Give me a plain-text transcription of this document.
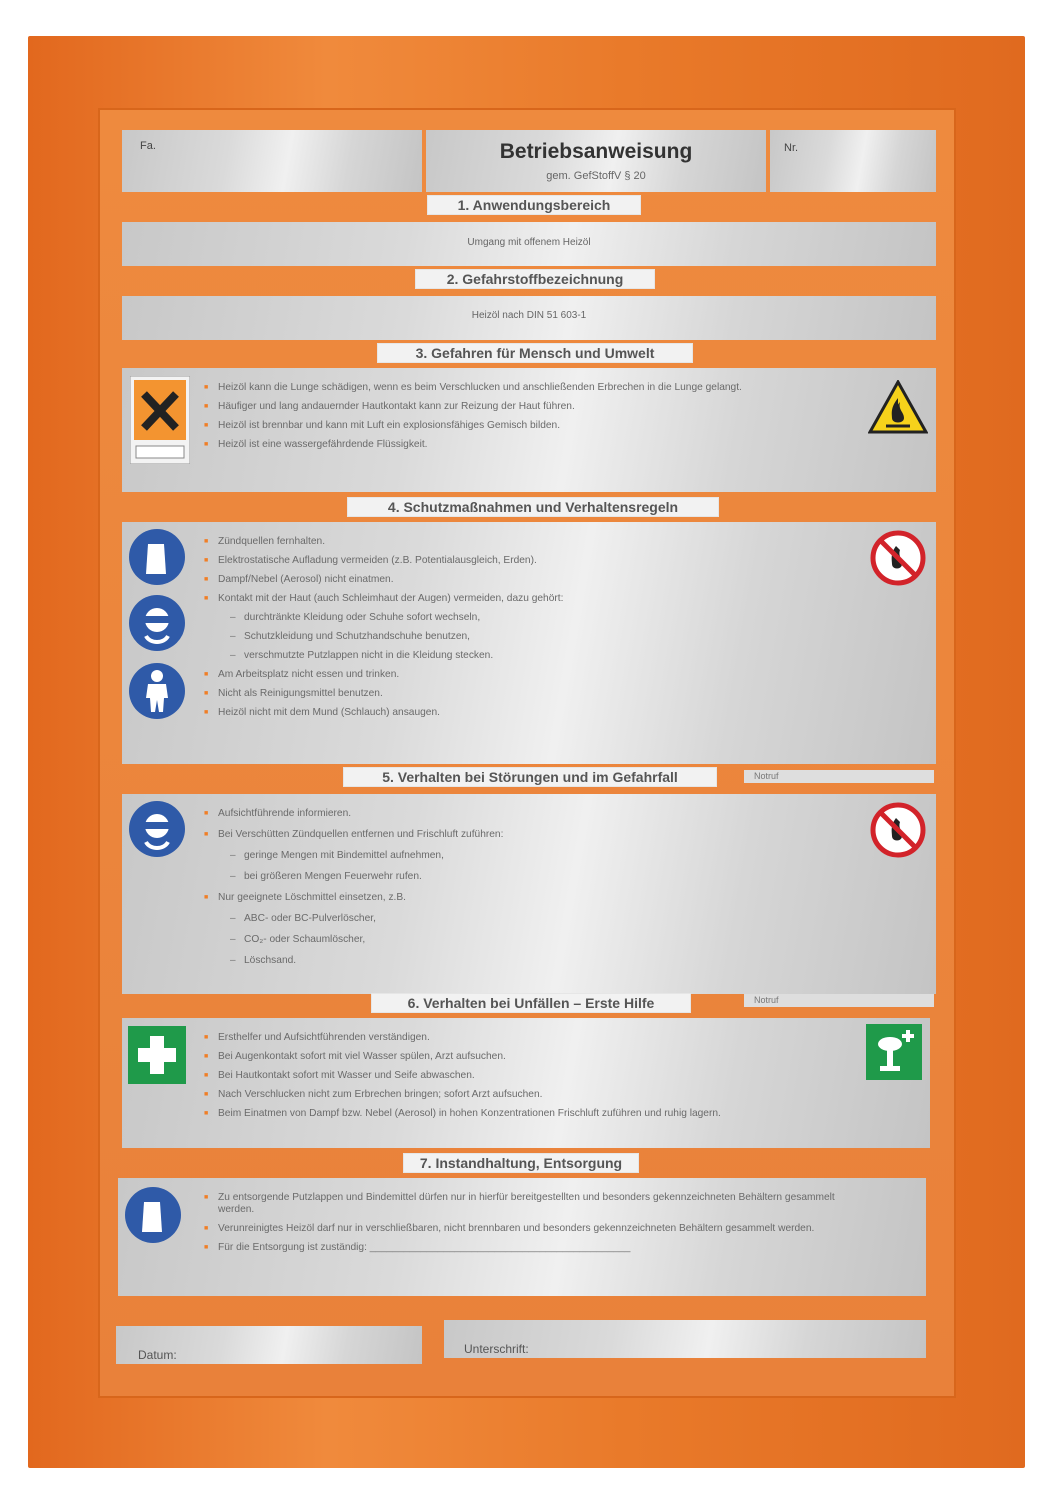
Fa.	Betriebsanweisung
gem. GefStoffV § 20
Nr.
1. Anwendungsbereich
Umgang mit offenem Heizöl
2. Gefahrstoffbezeichnung
Heizöl nach DIN 51 603-1
3. Gefahren für Mensch und Umwelt
■ Heizöl kann die Lunge schädigen, wenn es beim Verschlucken und anschließenden Erbrechen in die Lunge gelangt.
■ Häufiger und lang andauernder Hautkontakt kann zur Reizung der Haut führen.
■ Heizöl ist brennbar und kann mit Luft ein explosionsfähiges Gemisch bilden.
■ Heizöl ist eine wassergefährdende Flüssigkeit.
4. Schutzmaßnahmen und Verhaltensregeln
■ Zündquellen fernhalten.
■ Elektrostatische Aufladung vermeiden (z.B. Potentialausgleich, Erden).
■ Dampf/Nebel (Aerosol) nicht einatmen.
■ Kontakt mit der Haut (auch Schleimhaut der Augen) vermeiden, dazu gehört:
– durchtränkte Kleidung oder Schuhe sofort wechseln,
– Schutzkleidung und Schutzhandschuhe benutzen,
– verschmutzte Putzlappen nicht in die Kleidung stecken.
■ Am Arbeitsplatz nicht essen und trinken.
■ Nicht als Reinigungsmittel benutzen.
■ Heizöl nicht mit dem Mund (Schlauch) ansaugen.
5. Verhalten bei Störungen und im Gefahrfall	Notruf
■ Aufsichtführende informieren.
■ Bei Verschütten Zündquellen entfernen und Frischluft zuführen:
– geringe Mengen mit Bindemittel aufnehmen,
– bei größeren Mengen Feuerwehr rufen.
■ Nur geeignete Löschmittel einsetzen, z.B.
– ABC- oder BC-Pulverlöscher,
– CO₂- oder Schaumlöscher,
– Löschsand.
6. Verhalten bei Unfällen – Erste Hilfe	Notruf
■ Ersthelfer und Aufsichtführenden verständigen.
■ Bei Augenkontakt sofort mit viel Wasser spülen, Arzt aufsuchen.
■ Bei Hautkontakt sofort mit Wasser und Seife abwaschen.
■ Nach Verschlucken nicht zum Erbrechen bringen; sofort Arzt aufsuchen.
■ Beim Einatmen von Dampf bzw. Nebel (Aerosol) in hohen Konzentrationen Frischluft zuführen und ruhig lagern.
7. Instandhaltung, Entsorgung
■ Zu entsorgende Putzlappen und Bindemittel dürfen nur in hierfür bereitgestellten und besonders gekennzeichneten Behältern gesammelt werden.
■ Verunreinigtes Heizöl darf nur in verschließbaren, nicht brennbaren und besonders gekennzeichneten Behältern gesammelt werden.
■ Für die Entsorgung ist zuständig: ______________________________________________
Datum:	Unterschrift:
